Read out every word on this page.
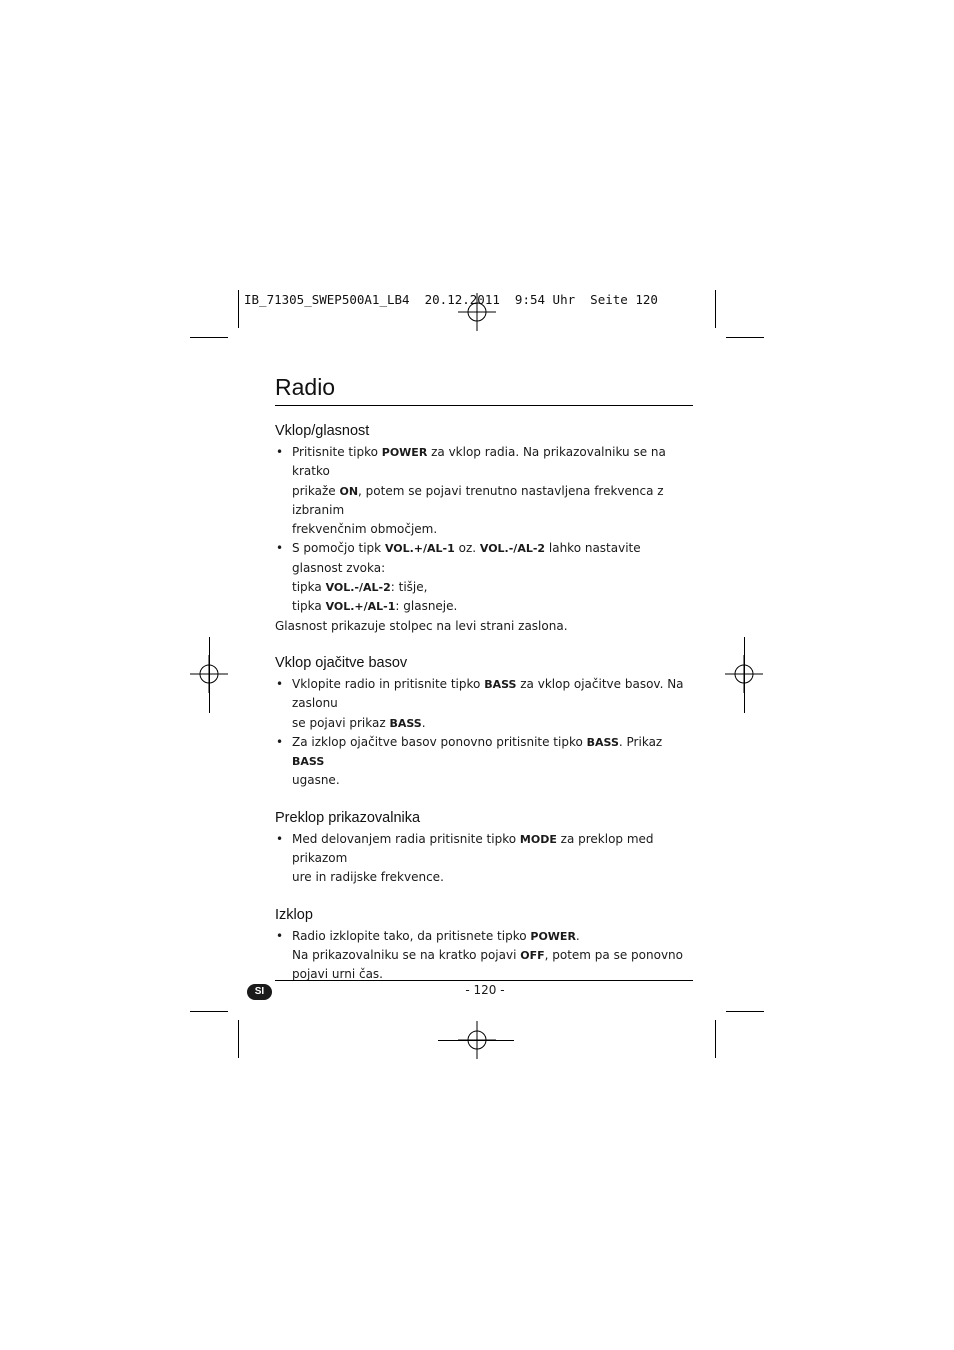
IB_71305_SWEP500A1_LB4  20.12.2011  9:54 Uhr  Seite 120
Radio
Vklop/glasnost
• Pritisnite tipko POWER za vklop radia. Na prikazovalniku se na kratko
prikaže ON, potem se pojavi trenutno nastavljena frekvenca z izbranim
frekvenčnim območjem.
• S pomočjo tipk VOL.+/AL-1 oz. VOL.-/AL-2 lahko nastavite glasnost zvoka:
tipka VOL.-/AL-2: tišje,
tipka VOL.+/AL-1: glasneje.
Glasnost prikazuje stolpec na levi strani zaslona.
Vklop ojačitve basov
• Vklopite radio in pritisnite tipko BASS za vklop ojačitve basov. Na zaslonu
se pojavi prikaz BASS.
• Za izklop ojačitve basov ponovno pritisnite tipko BASS. Prikaz BASS
ugasne.
Preklop prikazovalnika
• Med delovanjem radia pritisnite tipko MODE za preklop med prikazom
ure in radijske frekvence.
Izklop
• Radio izklopite tako, da pritisnete tipko POWER.
Na prikazovalniku se na kratko pojavi OFF, potem pa se ponovno
pojavi urni čas.
SI	- 120 -
